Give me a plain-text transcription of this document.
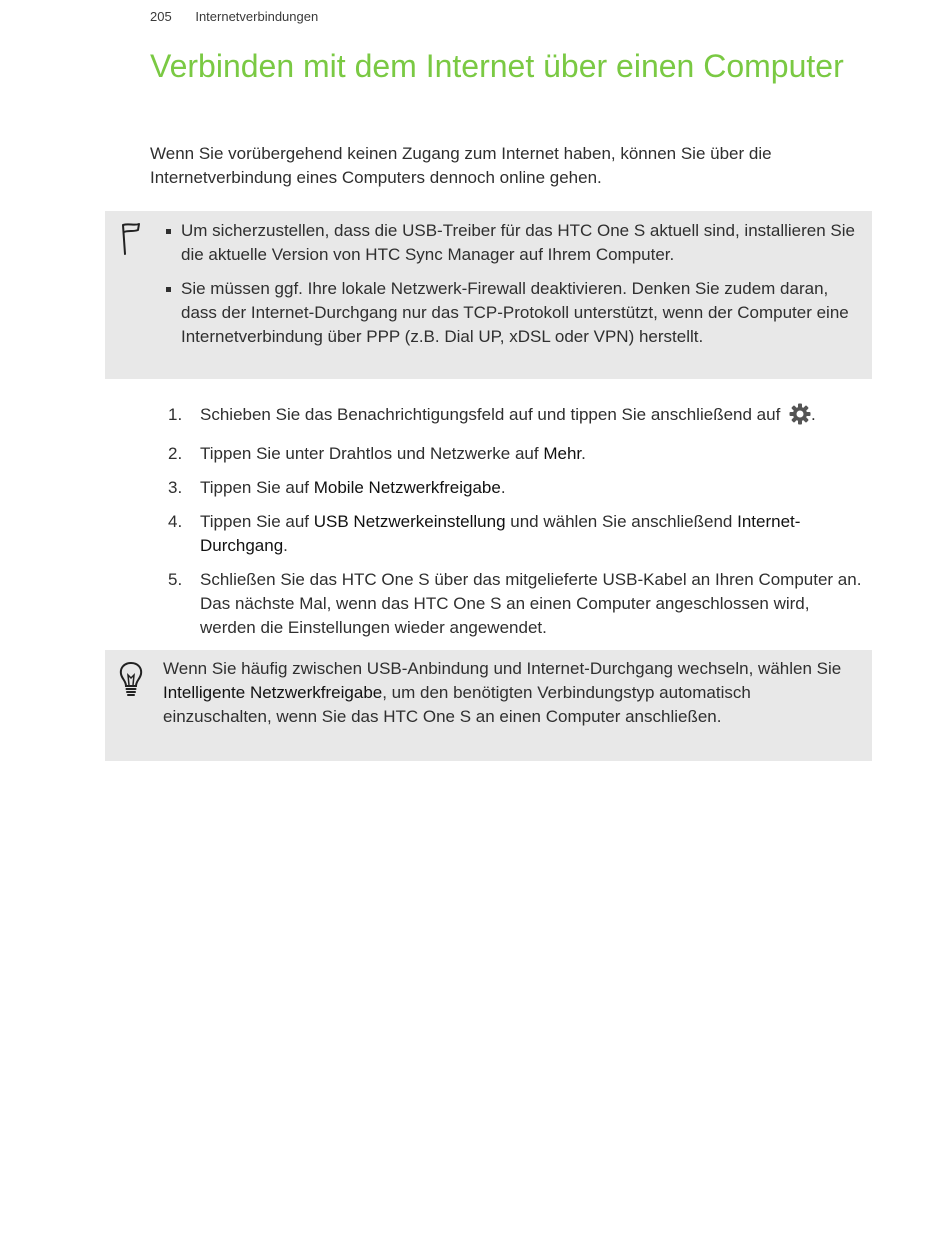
205 Internetverbindungen
Verbinden mit dem Internet über einen Computer

Wenn Sie vorübergehend keinen Zugang zum Internet haben, können Sie über die Internetverbindung eines Computers dennoch online gehen.

Um sicherzustellen, dass die USB-Treiber für das HTC One S aktuell sind, installieren Sie die aktuelle Version von HTC Sync Manager auf Ihrem Computer.
Sie müssen ggf. Ihre lokale Netzwerk-Firewall deaktivieren. Denken Sie zudem daran, dass der Internet-Durchgang nur das TCP-Protokoll unterstützt, wenn der Computer eine Internetverbindung über PPP (z.B. Dial UP, xDSL oder VPN) herstellt.
1. Schieben Sie das Benachrichtigungsfeld auf und tippen Sie anschließend auf .
2. Tippen Sie unter Drahtlos und Netzwerke auf Mehr.
3. Tippen Sie auf Mobile Netzwerkfreigabe.
4. Tippen Sie auf USB Netzwerkeinstellung und wählen Sie anschließend Internet-Durchgang.
5. Schließen Sie das HTC One S über das mitgelieferte USB-Kabel an Ihren Computer an. Das nächste Mal, wenn das HTC One S an einen Computer angeschlossen wird, werden die Einstellungen wieder angewendet.

Wenn Sie häufig zwischen USB-Anbindung und Internet-Durchgang wechseln, wählen Sie Intelligente Netzwerkfreigabe, um den benötigten Verbindungstyp automatisch einzuschalten, wenn Sie das HTC One S an einen Computer anschließen.
